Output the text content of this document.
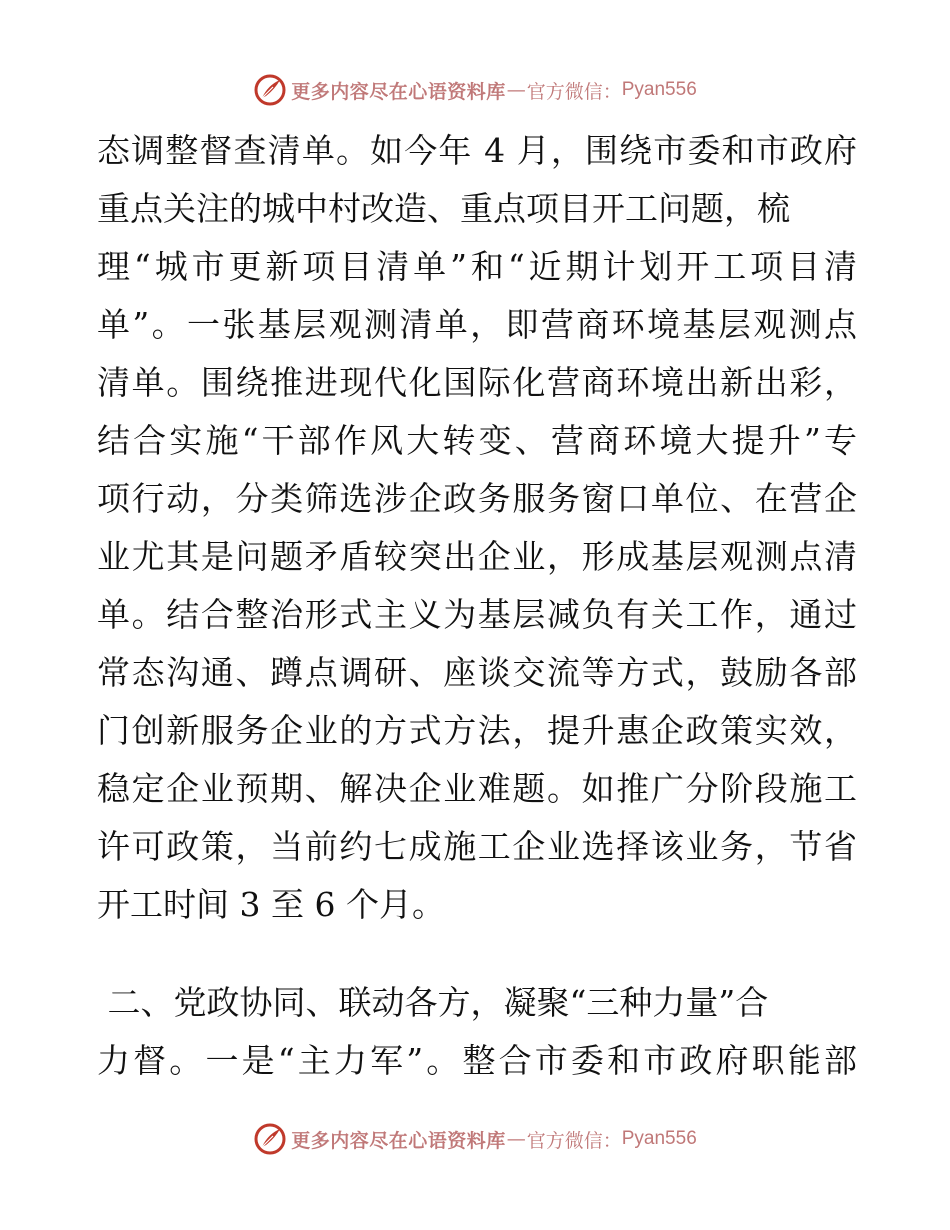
更多内容尽在心语资料库 — 官方微信： Pyan556
态调整督查清单。如今年 4 月，围绕市委和市政府
重点关注的城中村改造、重点项目开工问题，梳
理“城市更新项目清单”和“近期计划开工项目清
单”。一张基层观测清单，即营商环境基层观测点
清单。围绕推进现代化国际化营商环境出新出彩，
结合实施“干部作风大转变、营商环境大提升”专
项行动，分类筛选涉企政务服务窗口单位、在营企
业尤其是问题矛盾较突出企业，形成基层观测点清
单。结合整治形式主义为基层减负有关工作，通过
常态沟通、蹲点调研、座谈交流等方式，鼓励各部
门创新服务企业的方式方法，提升惠企政策实效，
稳定企业预期、解决企业难题。如推广分阶段施工
许可政策，当前约七成施工企业选择该业务，节省
开工时间 3 至 6 个月。
二、党政协同、联动各方，凝聚“三种力量”合
力督。一是“主力军”。整合市委和市政府职能部
更多内容尽在心语资料库 — 官方微信： Pyan556
